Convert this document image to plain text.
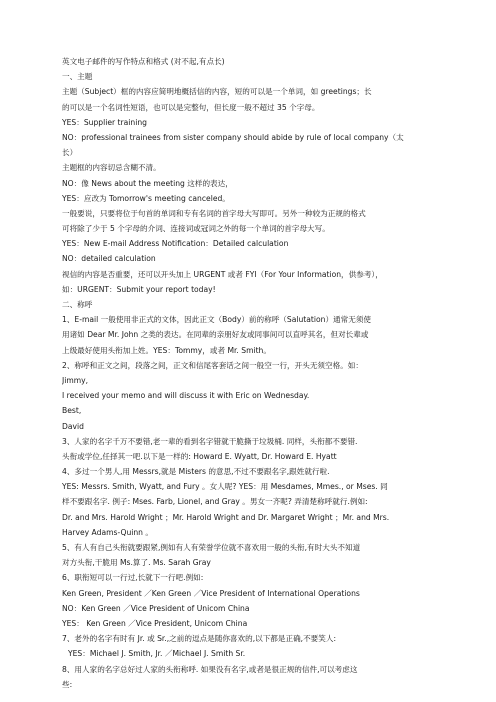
英文电子邮件的写作特点和格式 (对不起,有点长)
一、主题
主题（Subject）框的内容应简明地概括信的内容，短的可以是一个单词，如 greetings；长
的可以是一个名词性短语，也可以是完整句，但长度一般不超过 35 个字母。
YES：Supplier training
NO：professional trainees from sister company should abide by rule of local company（太
长）
主题框的内容切忌含糊不清。
NO：像 News about the meeting 这样的表达，
YES：应改为 Tomorrow's meeting canceled。
一般要说，只要将位于句首的单词和专有名词的首字母大写即可。另外一种较为正规的格式
可将除了少于 5 个字母的介词、连接词或冠词之外的每一个单词的首字母大写。
YES：New E-mail Address Notification：Detailed calculation
NO：detailed calculation
视信的内容是否重要，还可以开头加上 URGENT 或者 FYI（For Your Information，供参考），
如：URGENT：Submit your report today!
二、称呼
1、E-mail 一般使用非正式的文体，因此正文（Body）前的称呼（Salutation）通常无须使
用诸如 Dear Mr. John 之类的表达。在同辈的亲朋好友或同事间可以直呼其名，但对长辈或
上级最好使用头衔加上姓。YES：Tommy，或者 Mr. Smith。
2、称呼和正文之间，段落之间，正文和信尾客套话之间一般空一行，开头无须空格。如：
Jimmy,
I received your memo and will discuss it with Eric on Wednesday.
Best,
David
3、人家的名字千万不要错,老一辈的看到名字错就干脆撕于垃圾桶. 同样，头衔都不要错.
头衔或学位,任择其一吧.以下是一样的: Howard E. Wyatt, Dr. Howard E. Hyatt
4、多过一个男人,用 Messrs,就是 Misters 的意思,不过不要跟名字,跟姓就行啦.
YES: Messrs. Smith, Wyatt, and Fury 。女人呢? YES：用 Mesdames, Mmes., or Mses. 同
样不要跟名字. 例子: Mses. Farb, Lionel, and Gray 。男女一齐呢? 弄清楚称呼就行.例如:
Dr. and Mrs. Harold Wright ；Mr. Harold Wright and Dr. Margaret Wright ；Mr. and Mrs.
Harvey Adams-Quinn 。
5、有人有自己头衔就要跟紧,例如有人有荣誉学位就不喜欢用一般的头衔,有时大头不知道
对方头衔,干脆用 Ms.算了. Ms. Sarah Gray
6、职衔短可以一行过,长就下一行吧.例如:
Ken Green, President ／Ken Green ／Vice President of International Operations
NO：Ken Green ／Vice President of Unicom China
YES： Ken Green ／Vice President, Unicom China
7、老外的名字有时有 Jr. 或 Sr.,之前的逗点是随你喜欢的,以下都是正确,不要笑人:
YES：Michael J. Smith, Jr. ／Michael J. Smith Sr.
8、用人家的名字总好过人家的头衔称呼. 如果没有名字,或者是很正规的信件,可以考虑这
些:
